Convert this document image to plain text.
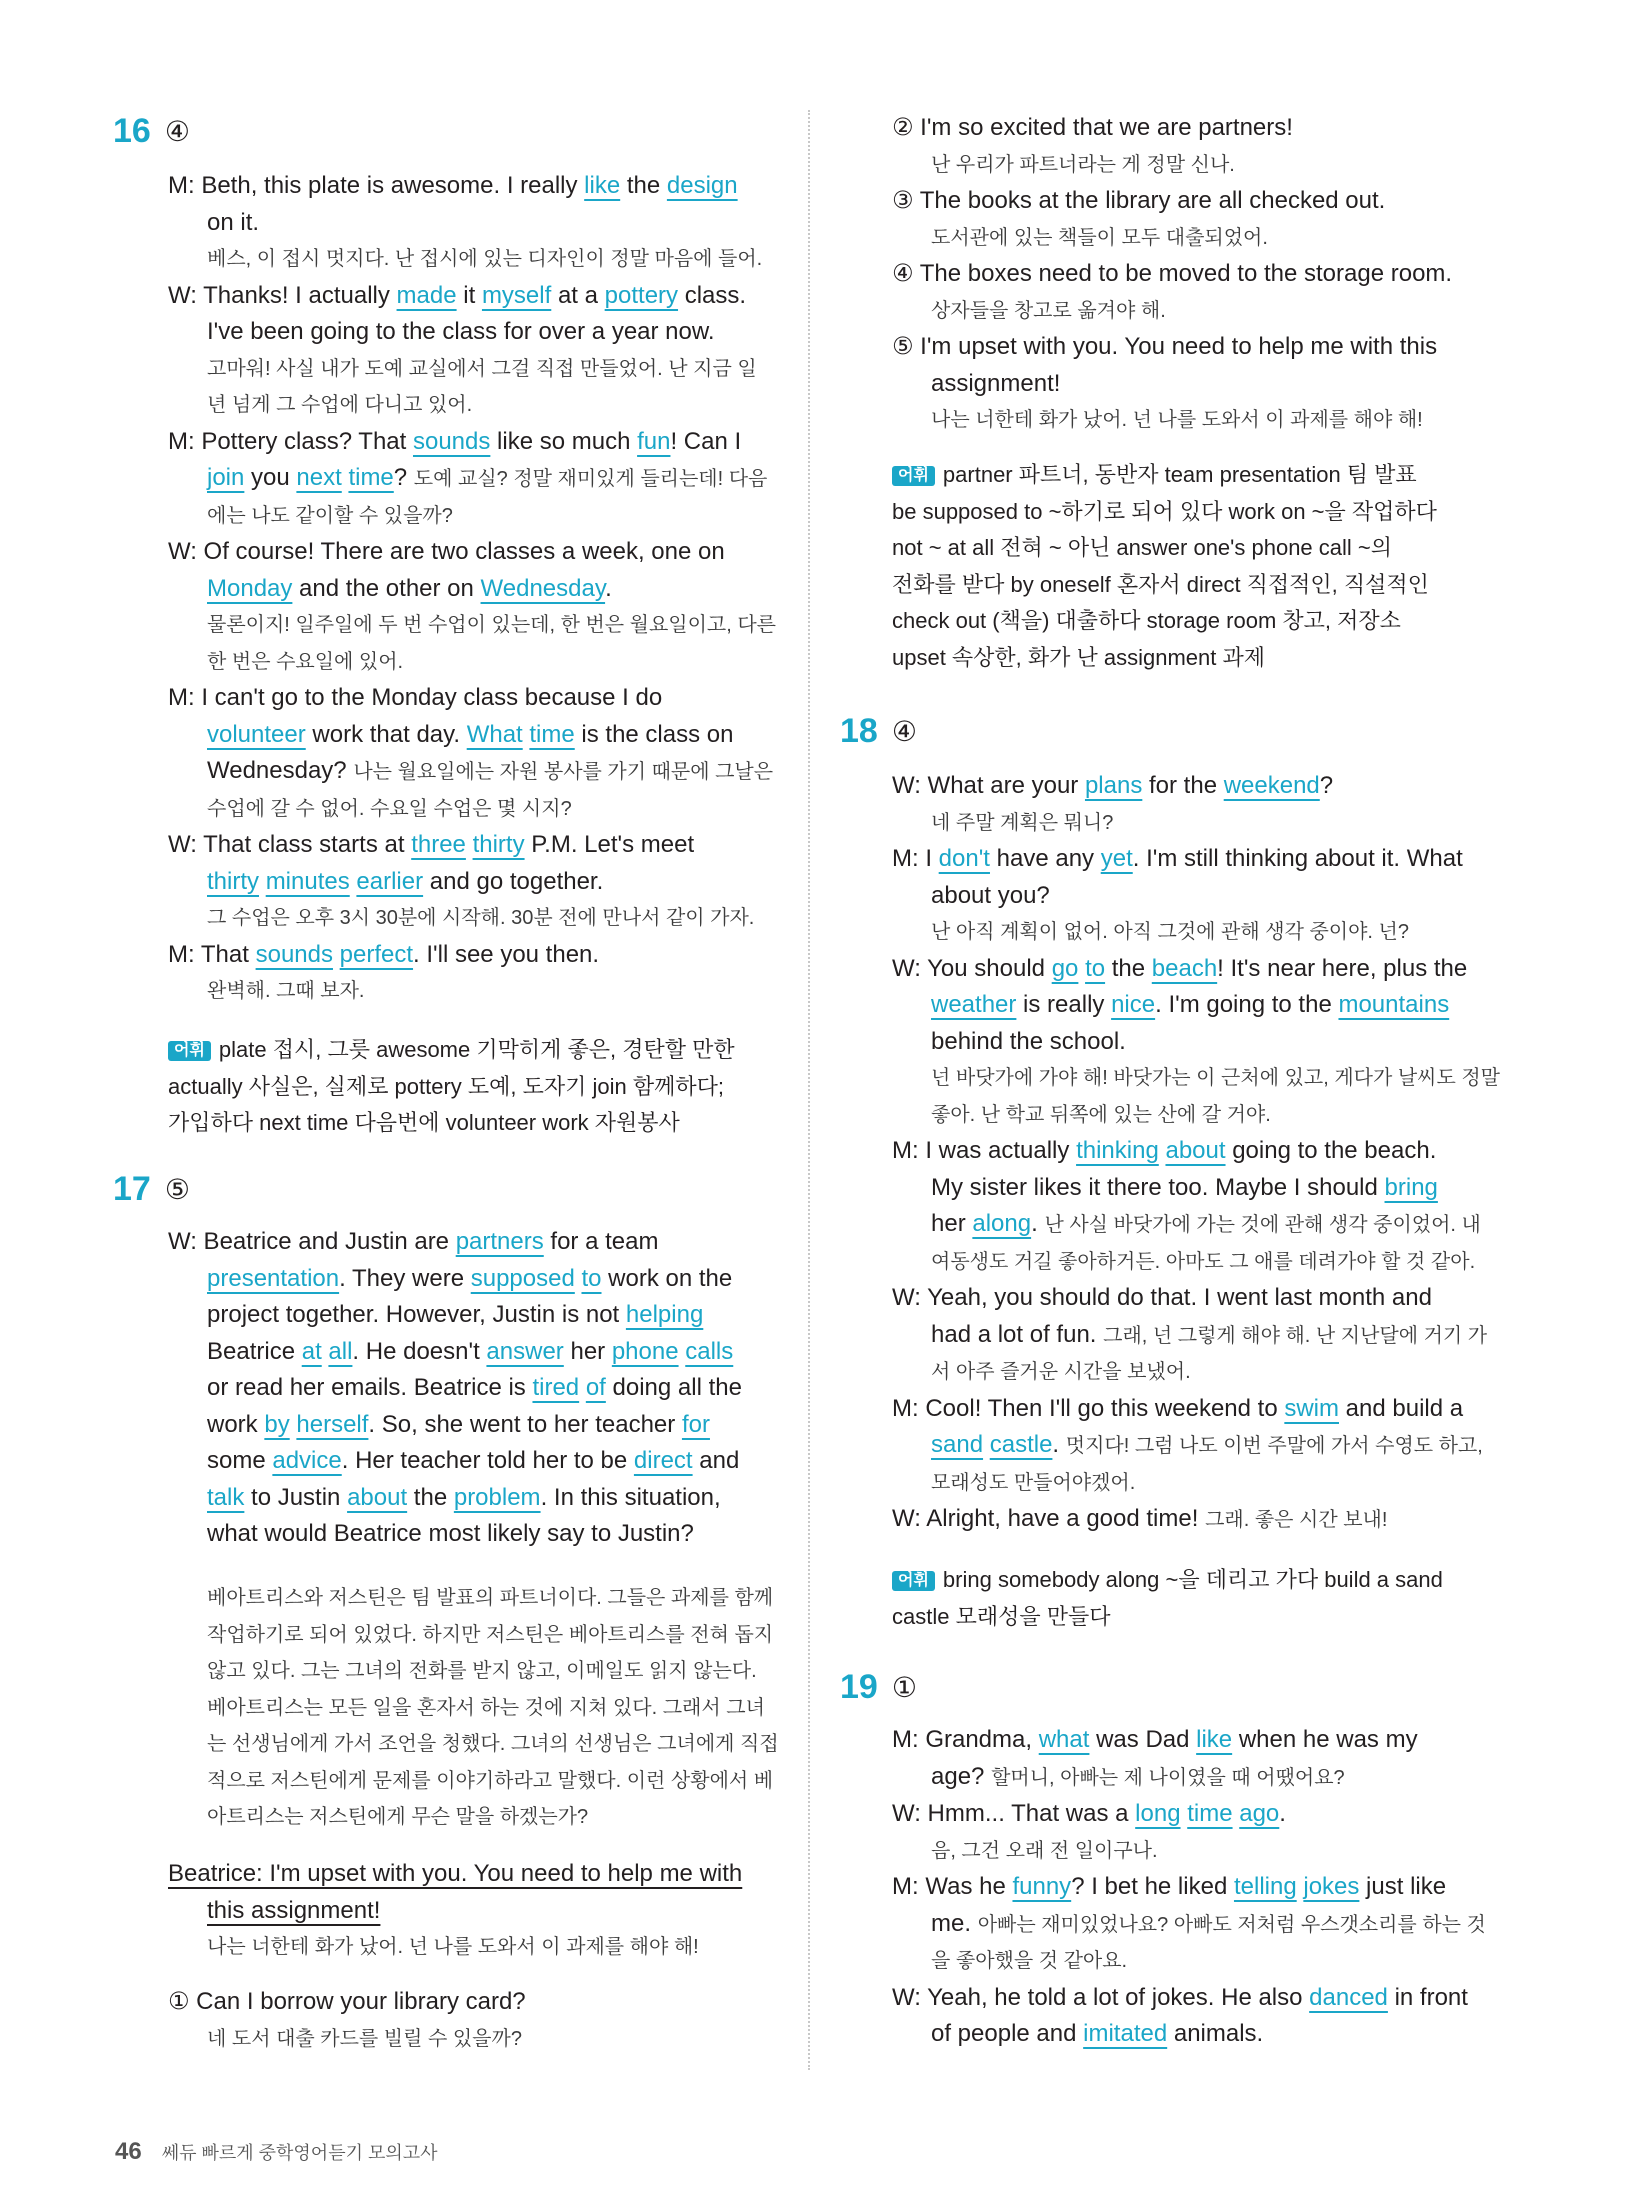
16 ④
M: Beth, this plate is awesome. I really like the design
on it.
베스, 이 접시 멋지다. 난 접시에 있는 디자인이 정말 마음에 들어.
W: Thanks! I actually made it myself at a pottery class.
I've been going to the class for over a year now.
고마워! 사실 내가 도예 교실에서 그걸 직접 만들었어. 난 지금 일
년 넘게 그 수업에 다니고 있어.
M: Pottery class? That sounds like so much fun! Can I
join you next time? 도예 교실? 정말 재미있게 들리는데! 다음
에는 나도 같이할 수 있을까?
W: Of course! There are two classes a week, one on
Monday and the other on Wednesday.
물론이지! 일주일에 두 번 수업이 있는데, 한 번은 월요일이고, 다른
한 번은 수요일에 있어.
M: I can't go to the Monday class because I do
volunteer work that day. What time is the class on
Wednesday? 나는 월요일에는 자원 봉사를 가기 때문에 그날은
수업에 갈 수 없어. 수요일 수업은 몇 시지?
W: That class starts at three thirty P.M. Let's meet
thirty minutes earlier and go together.
그 수업은 오후 3시 30분에 시작해. 30분 전에 만나서 같이 가자.
M: That sounds perfect. I'll see you then.
완벽해. 그때 보자.
어휘 plate 접시, 그릇 awesome 기막히게 좋은, 경탄할 만한
actually 사실은, 실제로 pottery 도예, 도자기 join 함께하다;
가입하다 next time 다음번에 volunteer work 자원봉사
17 ⑤
W: Beatrice and Justin are partners for a team
presentation. They were supposed to work on the
project together. However, Justin is not helping
Beatrice at all. He doesn't answer her phone calls
or read her emails. Beatrice is tired of doing all the
work by herself. So, she went to her teacher for
some advice. Her teacher told her to be direct and
talk to Justin about the problem. In this situation,
what would Beatrice most likely say to Justin?
베아트리스와 저스틴은 팀 발표의 파트너이다. 그들은 과제를 함께
작업하기로 되어 있었다. 하지만 저스틴은 베아트리스를 전혀 돕지
않고 있다. 그는 그녀의 전화를 받지 않고, 이메일도 읽지 않는다.
베아트리스는 모든 일을 혼자서 하는 것에 지쳐 있다. 그래서 그녀
는 선생님에게 가서 조언을 청했다. 그녀의 선생님은 그녀에게 직접
적으로 저스틴에게 문제를 이야기하라고 말했다. 이런 상황에서 베
아트리스는 저스틴에게 무슨 말을 하겠는가?
Beatrice: I'm upset with you. You need to help me with
this assignment!
나는 너한테 화가 났어. 넌 나를 도와서 이 과제를 해야 해!
① Can I borrow your library card?
네 도서 대출 카드를 빌릴 수 있을까?
46 쎄듀 빠르게 중학영어듣기 모의고사
② I'm so excited that we are partners!
난 우리가 파트너라는 게 정말 신나.
③ The books at the library are all checked out.
도서관에 있는 책들이 모두 대출되었어.
④ The boxes need to be moved to the storage room.
상자들을 창고로 옮겨야 해.
⑤ I'm upset with you. You need to help me with this
assignment!
나는 너한테 화가 났어. 넌 나를 도와서 이 과제를 해야 해!
어휘 partner 파트너, 동반자 team presentation 팀 발표
be supposed to ~하기로 되어 있다 work on ~을 작업하다
not ~ at all 전혀 ~ 아닌 answer one's phone call ~의
전화를 받다 by oneself 혼자서 direct 직접적인, 직설적인
check out (책을) 대출하다 storage room 창고, 저장소
upset 속상한, 화가 난 assignment 과제
18 ④
W: What are your plans for the weekend?
네 주말 계획은 뭐니?
M: I don't have any yet. I'm still thinking about it. What
about you?
난 아직 계획이 없어. 아직 그것에 관해 생각 중이야. 넌?
W: You should go to the beach! It's near here, plus the
weather is really nice. I'm going to the mountains
behind the school.
넌 바닷가에 가야 해! 바닷가는 이 근처에 있고, 게다가 날씨도 정말
좋아. 난 학교 뒤쪽에 있는 산에 갈 거야.
M: I was actually thinking about going to the beach.
My sister likes it there too. Maybe I should bring
her along. 난 사실 바닷가에 가는 것에 관해 생각 중이었어. 내
여동생도 거길 좋아하거든. 아마도 그 애를 데려가야 할 것 같아.
W: Yeah, you should do that. I went last month and
had a lot of fun. 그래, 넌 그렇게 해야 해. 난 지난달에 거기 가
서 아주 즐거운 시간을 보냈어.
M: Cool! Then I'll go this weekend to swim and build a
sand castle. 멋지다! 그럼 나도 이번 주말에 가서 수영도 하고,
모래성도 만들어야겠어.
W: Alright, have a good time! 그래. 좋은 시간 보내!
어휘 bring somebody along ~을 데리고 가다 build a sand
castle 모래성을 만들다
19 ①
M: Grandma, what was Dad like when he was my
age? 할머니, 아빠는 제 나이였을 때 어땠어요?
W: Hmm... That was a long time ago.
음, 그건 오래 전 일이구나.
M: Was he funny? I bet he liked telling jokes just like
me. 아빠는 재미있었나요? 아빠도 저처럼 우스갯소리를 하는 것
을 좋아했을 것 같아요.
W: Yeah, he told a lot of jokes. He also danced in front
of people and imitated animals.
